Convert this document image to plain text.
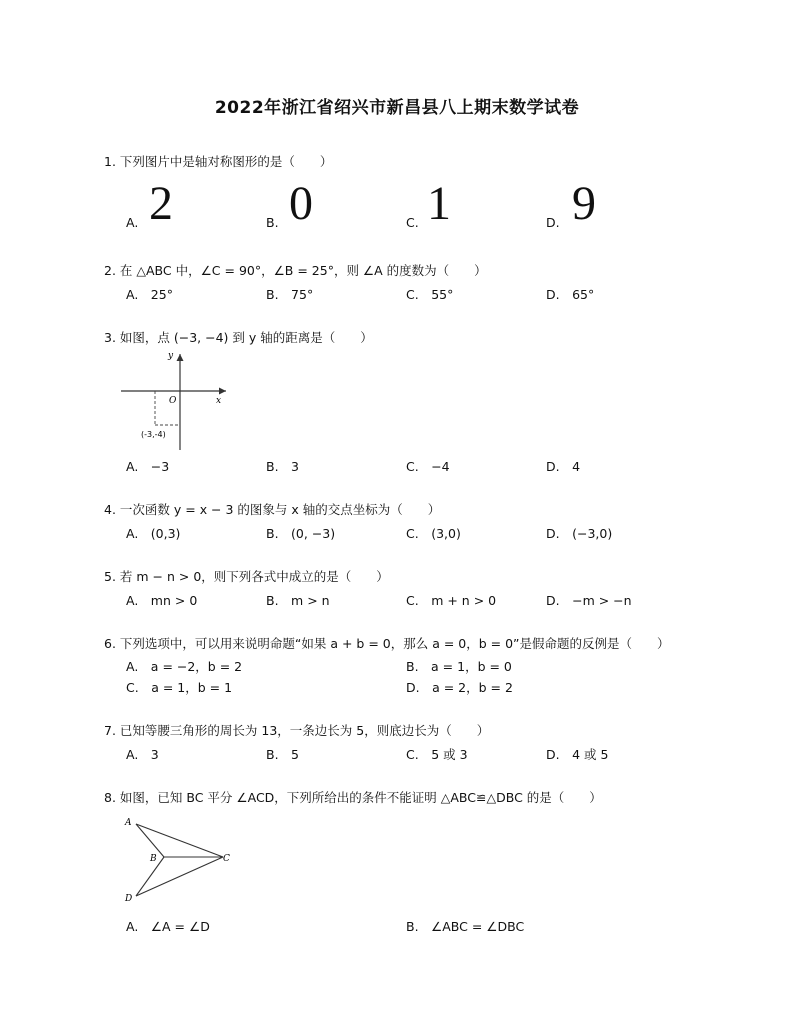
2022年浙江省绍兴市新昌县八上期末数学试卷
1. 下列图片中是轴对称图形的是（　　）
A. 2	B. 0	C. 1	D. 9
2. 在 △ABC 中，∠C = 90°，∠B = 25°，则 ∠A 的度数为（　　）
A.　25°	B.　75°	C.　55°	D.　65°
3. 如图，点 (−3, −4) 到 y 轴的距离是（　　）
y
x
O
(-3,-4)
A.　−3	B.　3	C.　−4	D.　4
4. 一次函数 y = x − 3 的图象与 x 轴的交点坐标为（　　）
A.　(0,3)	B.　(0, −3)	C.　(3,0)	D.　(−3,0)
5. 若 m − n > 0，则下列各式中成立的是（　　）
A.　mn > 0	B.　m > n	C.　m + n > 0	D.　−m > −n
6. 下列选项中，可以用来说明命题“如果 a + b = 0，那么 a = 0，b = 0”是假命题的反例是（　　）
A.　a = −2，b = 2	B.　a = 1，b = 0
C.　a = 1，b = 1	D.　a = 2，b = 2
7. 已知等腰三角形的周长为 13，一条边长为 5，则底边长为（　　）
A.　3	B.　5	C.　5 或 3	D.　4 或 5
8. 如图，已知 BC 平分 ∠ACD，下列所给出的条件不能证明 △ABC≌△DBC 的是（　　）
A
B	C
D
A.　∠A = ∠D	B.　∠ABC = ∠DBC
